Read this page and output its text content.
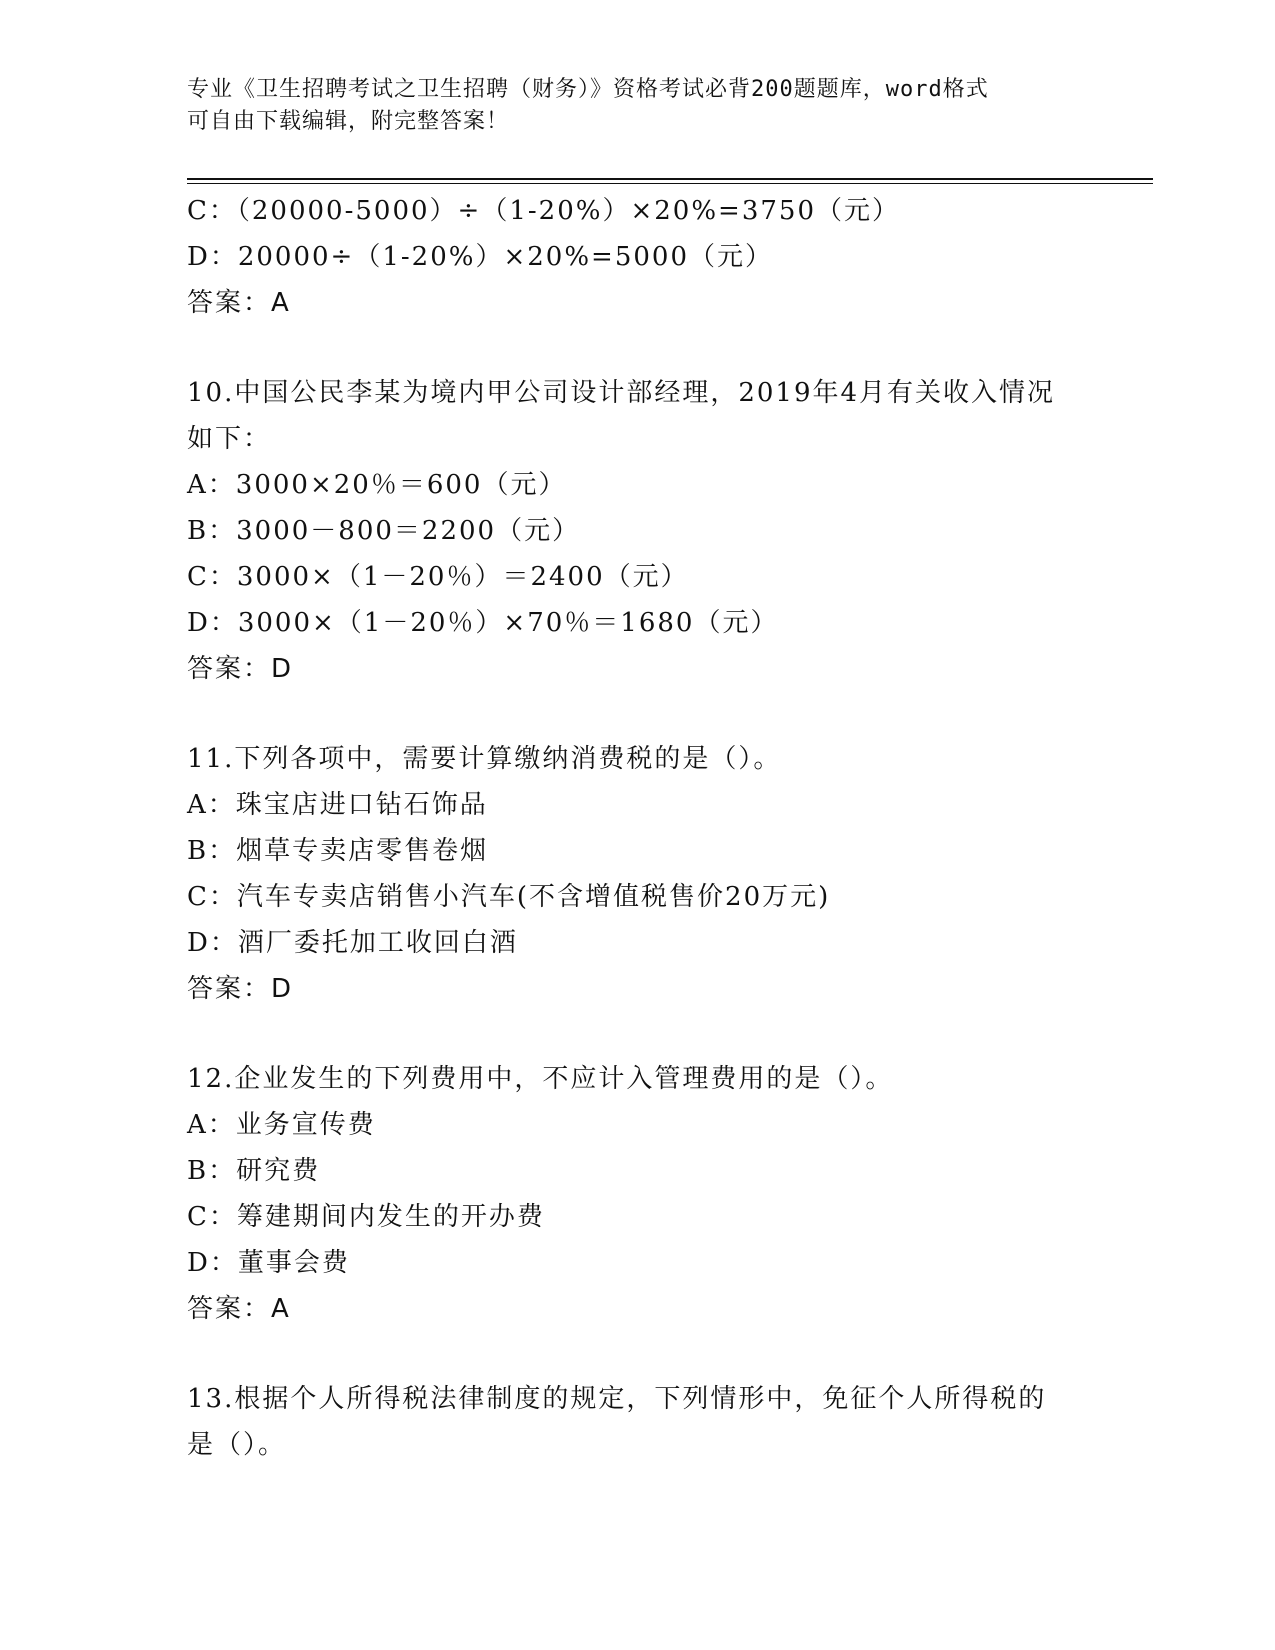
专业《卫生招聘考试之卫生招聘（财务）》资格考试必背200题题库，word格式
可自由下载编辑，附完整答案！
C：（20000-5000）÷（1-20%）×20%=3750（元）
D：20000÷（1-20%）×20%=5000（元）
答案：A
10.中国公民李某为境内甲公司设计部经理，2019年4月有关收入情况
如下：
A：3000×20％＝600（元）
B：3000－800＝2200（元）
C：3000×（1－20％）＝2400（元）
D：3000×（1－20％）×70％＝1680（元）
答案：D
11.下列各项中，需要计算缴纳消费税的是（）。
A：珠宝店进口钻石饰品
B：烟草专卖店零售卷烟
C：汽车专卖店销售小汽车(不含增值税售价20万元)
D：酒厂委托加工收回白酒
答案：D
12.企业发生的下列费用中，不应计入管理费用的是（）。
A：业务宣传费
B：研究费
C：筹建期间内发生的开办费
D：董事会费
答案：A
13.根据个人所得税法律制度的规定，下列情形中，免征个人所得税的
是（）。
